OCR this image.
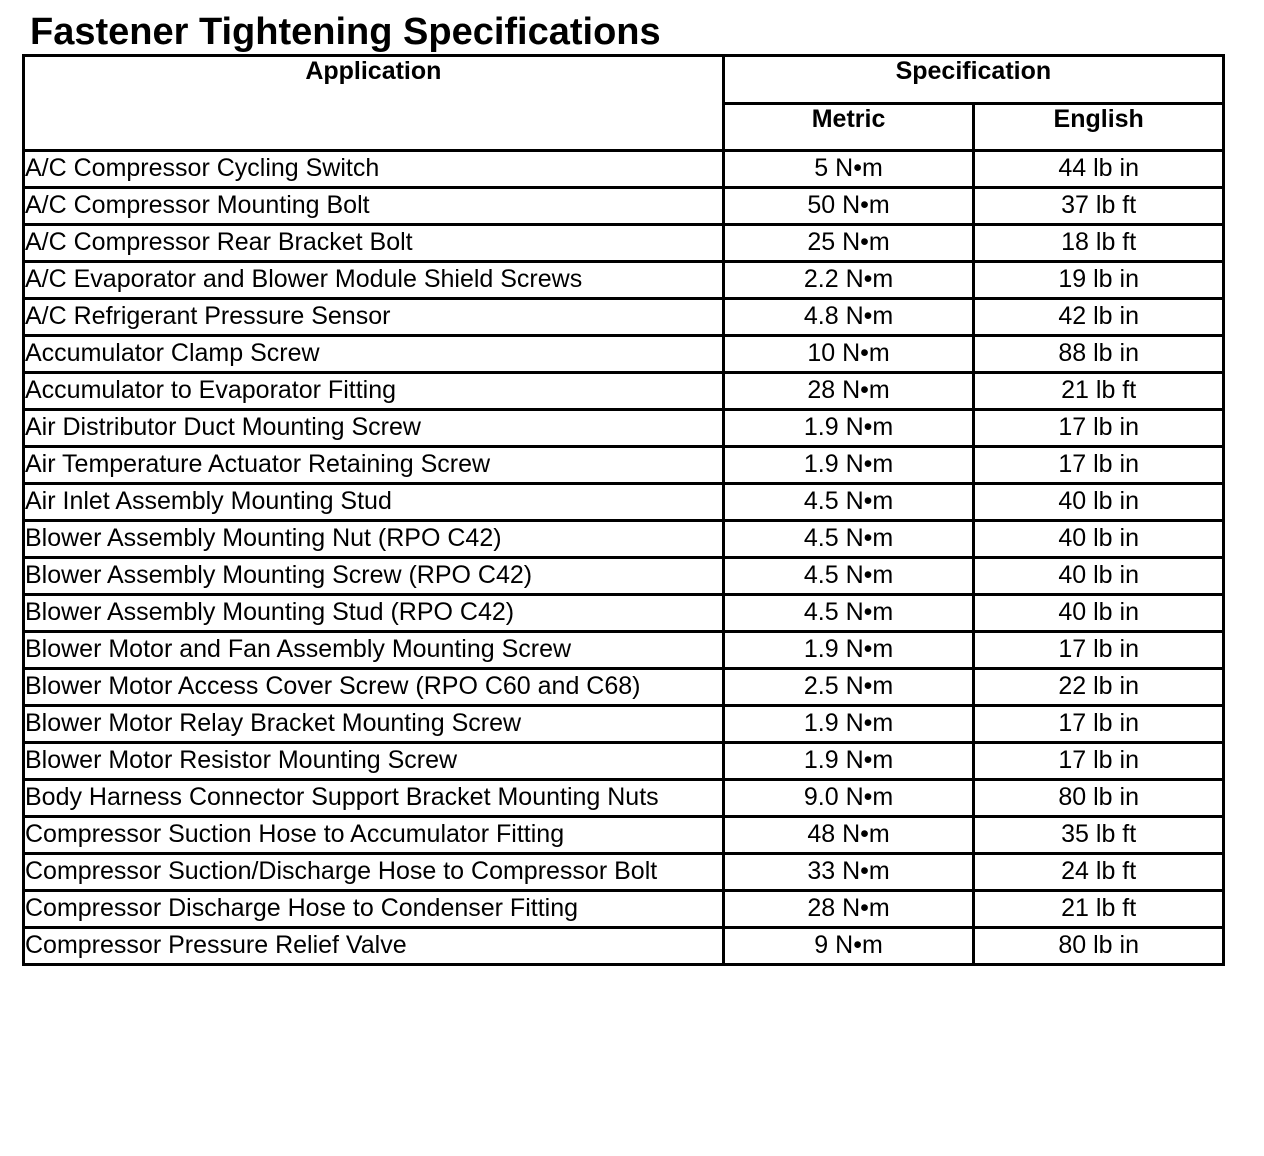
Fastener Tightening Specifications
Application	Specification	
	Metric	English
A/C Compressor Cycling Switch	5 N•m	44 lb in
A/C Compressor Mounting Bolt	50 N•m	37 lb ft
A/C Compressor Rear Bracket Bolt	25 N•m	18 lb ft
A/C Evaporator and Blower Module Shield Screws	2.2 N•m	19 lb in
A/C Refrigerant Pressure Sensor	4.8 N•m	42 lb in
Accumulator Clamp Screw	10 N•m	88 lb in
Accumulator to Evaporator Fitting	28 N•m	21 lb ft
Air Distributor Duct Mounting Screw	1.9 N•m	17 lb in
Air Temperature Actuator Retaining Screw	1.9 N•m	17 lb in
Air Inlet Assembly Mounting Stud	4.5 N•m	40 lb in
Blower Assembly Mounting Nut (RPO C42)	4.5 N•m	40 lb in
Blower Assembly Mounting Screw (RPO C42)	4.5 N•m	40 lb in
Blower Assembly Mounting Stud (RPO C42)	4.5 N•m	40 lb in
Blower Motor and Fan Assembly Mounting Screw	1.9 N•m	17 lb in
Blower Motor Access Cover Screw (RPO C60 and C68)	2.5 N•m	22 lb in
Blower Motor Relay Bracket Mounting Screw	1.9 N•m	17 lb in
Blower Motor Resistor Mounting Screw	1.9 N•m	17 lb in
Body Harness Connector Support Bracket Mounting Nuts	9.0 N•m	80 lb in
Compressor Suction Hose to Accumulator Fitting	48 N•m	35 lb ft
Compressor Suction/Discharge Hose to Compressor Bolt	33 N•m	24 lb ft
Compressor Discharge Hose to Condenser Fitting	28 N•m	21 lb ft
Compressor Pressure Relief Valve	9 N•m	80 lb in
